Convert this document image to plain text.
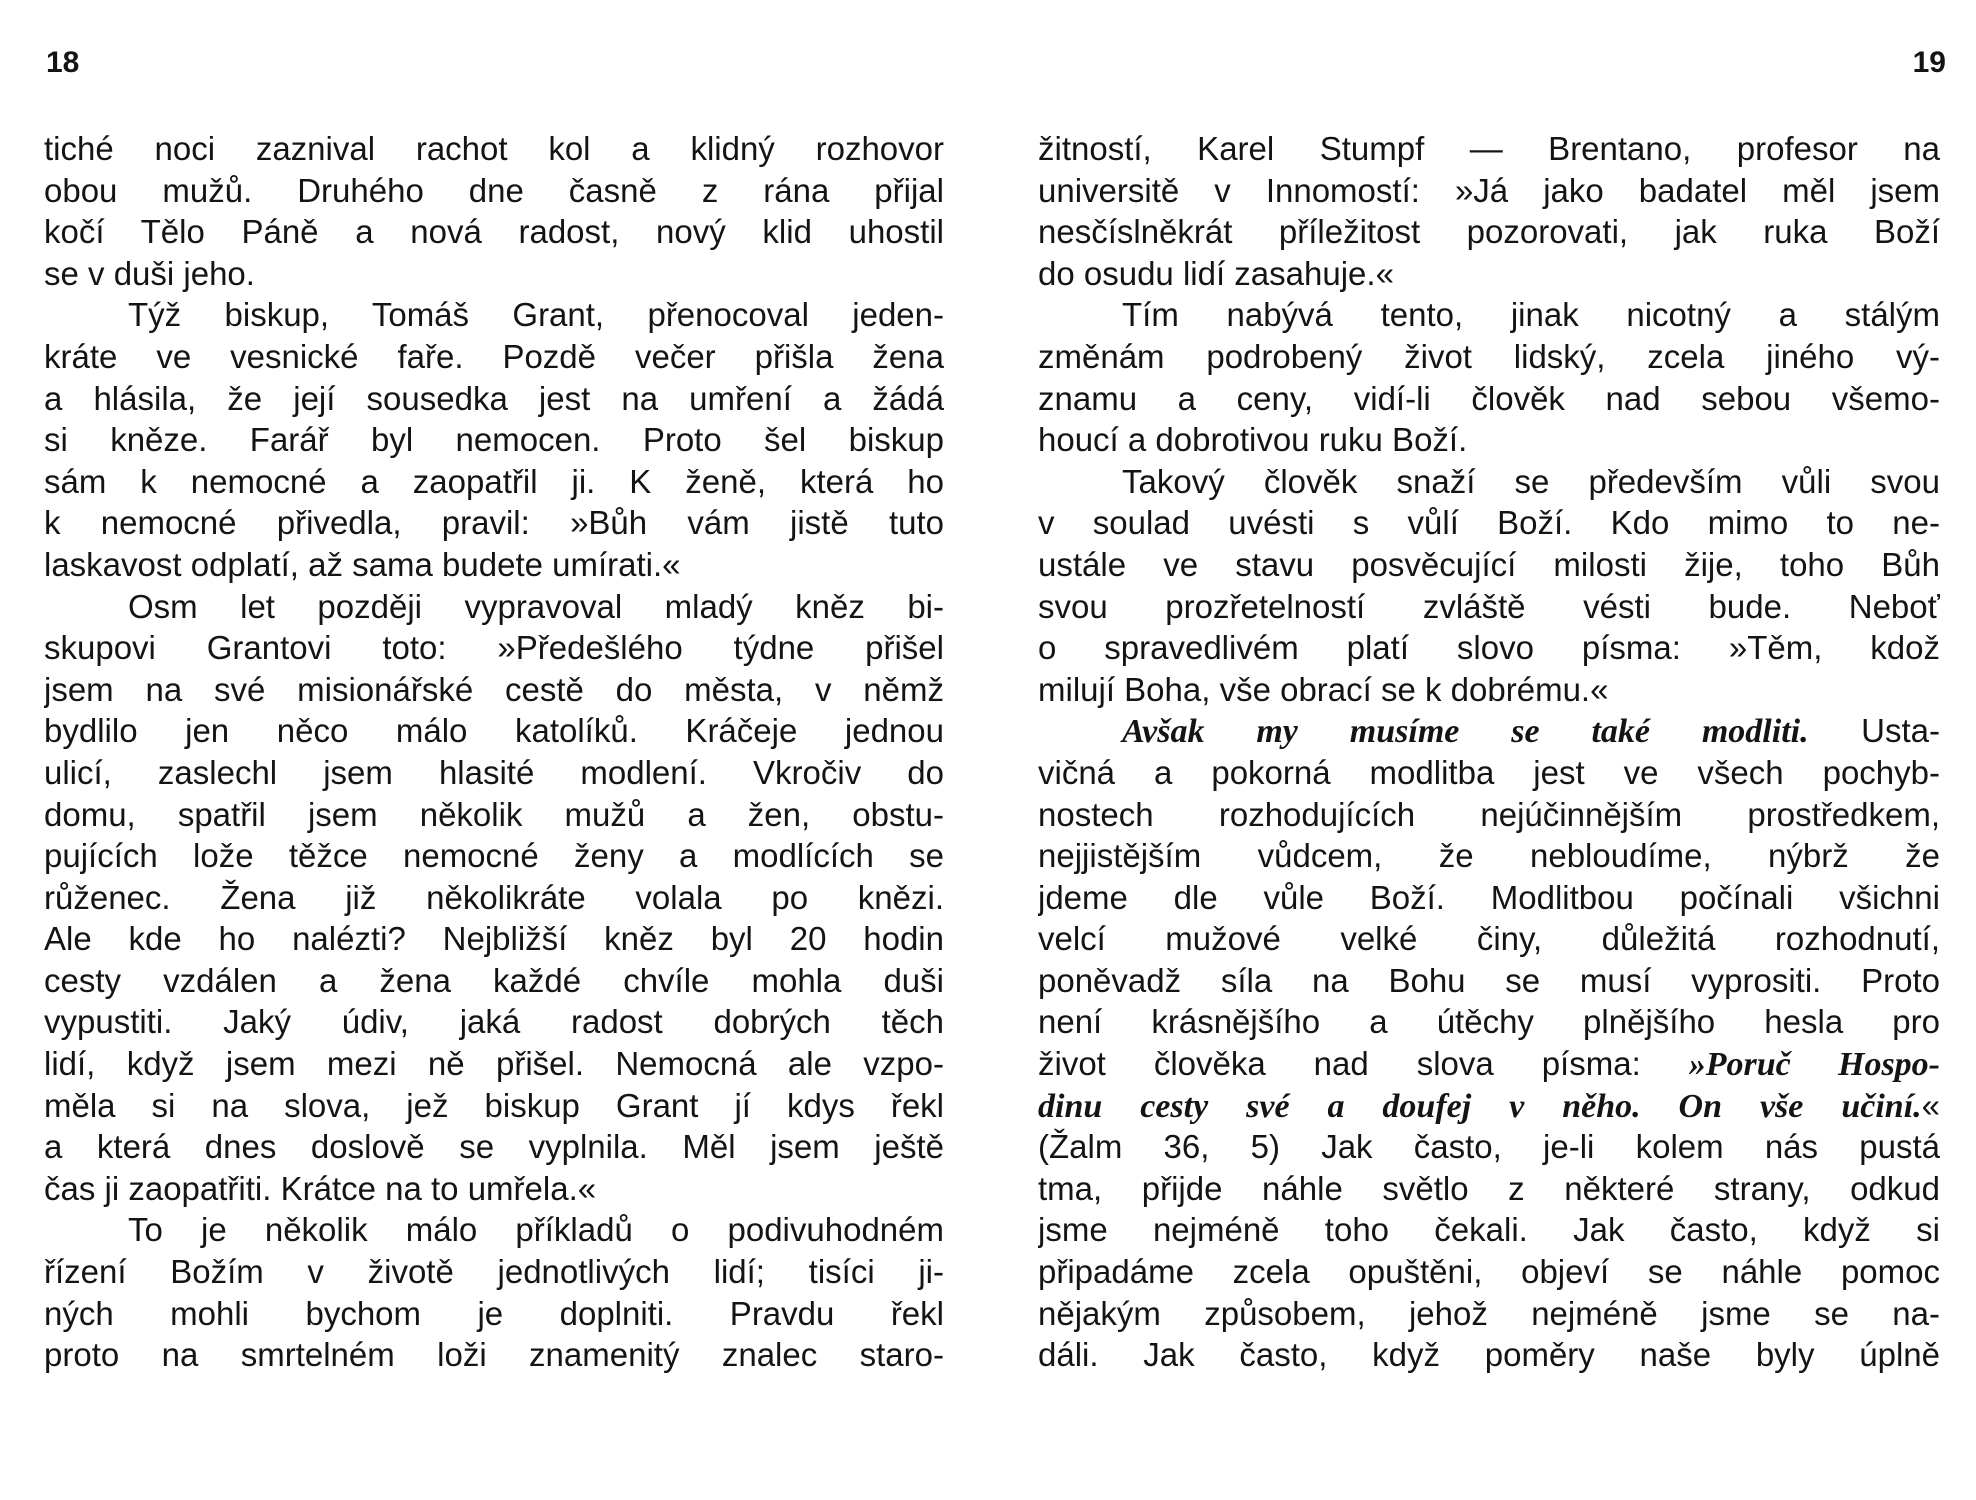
18	19
tiché noci zaznival rachot kol a klidný rozhovor
obou mužů. Druhého dne časně z rána přijal
kočí Tělo Páně a nová radost, nový klid uhostil
se v duši jeho.
Týž biskup, Tomáš Grant, přenocoval jeden-
kráte ve vesnické faře. Pozdě večer přišla žena
a hlásila, že její sousedka jest na umření a žádá
si kněze. Farář byl nemocen. Proto šel biskup
sám k nemocné a zaopatřil ji. K ženě, která ho
k nemocné přivedla, pravil: »Bůh vám jistě tuto
laskavost odplatí, až sama budete umírati.«
Osm let později vypravoval mladý kněz bi-
skupovi Grantovi toto: »Předešlého týdne přišel
jsem na své misionářské cestě do města, v němž
bydlilo jen něco málo katolíků. Kráčeje jednou
ulicí, zaslechl jsem hlasité modlení. Vkročiv do
domu, spatřil jsem několik mužů a žen, obstu-
pujících lože těžce nemocné ženy a modlících se
růženec. Žena již několikráte volala po knězi.
Ale kde ho nalézti? Nejbližší kněz byl 20 hodin
cesty vzdálen a žena každé chvíle mohla duši
vypustiti. Jaký údiv, jaká radost dobrých těch
lidí, když jsem mezi ně přišel. Nemocná ale vzpo-
měla si na slova, jež biskup Grant jí kdys řekl
a která dnes doslově se vyplnila. Měl jsem ještě
čas ji zaopatřiti. Krátce na to umřela.«
To je několik málo příkladů o podivuhodném
řízení Božím v životě jednotlivých lidí; tisíci ji-
ných mohli bychom je doplniti. Pravdu řekl
proto na smrtelném loži znamenitý znalec staro-
žitností, Karel Stumpf — Brentano, profesor na
universitě v Innomostí: »Já jako badatel měl jsem
nesčíslněkrát příležitost pozorovati, jak ruka Boží
do osudu lidí zasahuje.«
Tím nabývá tento, jinak nicotný a stálým
změnám podrobený život lidský, zcela jiného vý-
znamu a ceny, vidí-li člověk nad sebou všemo-
houcí a dobrotivou ruku Boží.
Takový člověk snaží se především vůli svou
v soulad uvésti s vůlí Boží. Kdo mimo to ne-
ustále ve stavu posvěcující milosti žije, toho Bůh
svou prozřetelností zvláště vésti bude. Neboť
o spravedlivém platí slovo písma: »Těm, kdož
milují Boha, vše obrací se k dobrému.«
Avšak my musíme se také modliti. Usta-
vičná a pokorná modlitba jest ve všech pochyb-
nostech rozhodujících nejúčinnějším prostředkem,
nejjistějším vůdcem, že nebloudíme, nýbrž že
jdeme dle vůle Boží. Modlitbou počínali všichni
velcí mužové velké činy, důležitá rozhodnutí,
poněvadž síla na Bohu se musí vyprositi. Proto
není krásnějšího a útěchy plnějšího hesla pro
život člověka nad slova písma: »Poruč Hospo-
dinu cesty své a doufej v něho. On vše učiní.«
(Žalm 36, 5) Jak často, je-li kolem nás pustá
tma, přijde náhle světlo z některé strany, odkud
jsme nejméně toho čekali. Jak často, když si
připadáme zcela opuštěni, objeví se náhle pomoc
nějakým způsobem, jehož nejméně jsme se na-
dáli. Jak často, když poměry naše byly úplně
